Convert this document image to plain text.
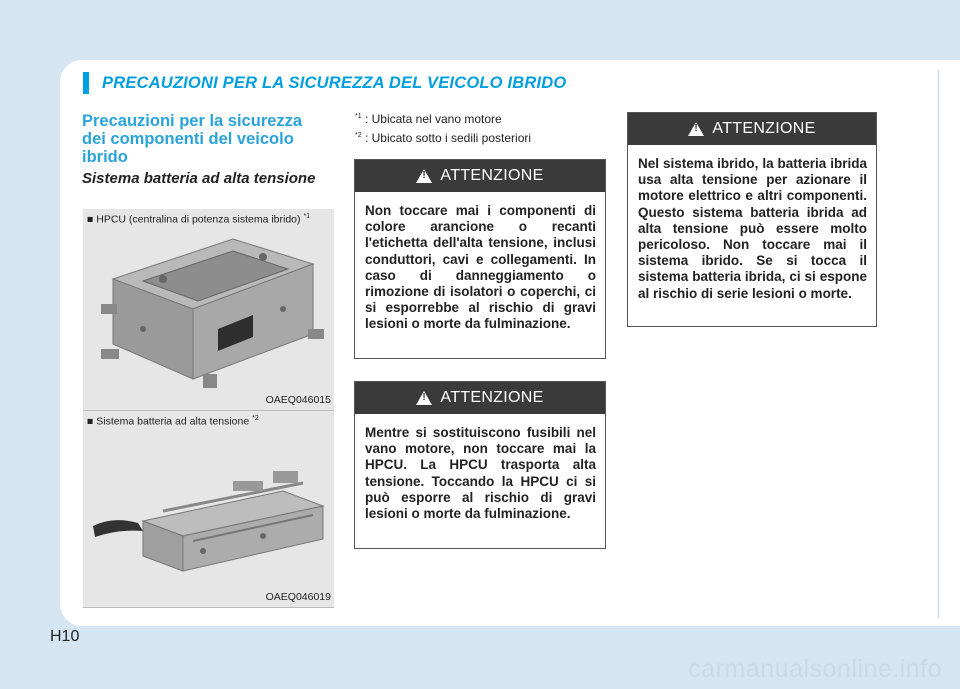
PRECAUZIONI PER LA SICUREZZA DEL VEICOLO IBRIDO
Precauzioni per la sicurezza dei componenti del veicolo ibrido
Sistema batteria ad alta tensione
■ HPCU (centralina di potenza sistema ibrido) $^{*1}$
OAEQ046015
■ Sistema batteria ad alta tensione $^{*2}$
OAEQ046019
$^{*1}$ : Ubicata nel vano motore
$^{*2}$ : Ubicato sotto i sedili posteriori
!
ATTENZIONE
Non toccare mai i componenti di colore arancione o recanti l'etichetta dell'alta tensione, inclusi conduttori, cavi e collegamenti. In caso di danneggiamento o rimozione di isolatori o coperchi, ci si esporrebbe al rischio di gravi lesioni o morte da fulminazione.
!
ATTENZIONE
Mentre si sostituiscono fusibili nel vano motore, non toccare mai la HPCU. La HPCU trasporta alta tensione. Toccando la HPCU ci si può esporre al rischio di gravi lesioni o morte da fulminazione.
!
ATTENZIONE
Nel sistema ibrido, la batteria ibrida usa alta tensione per azionare il motore elettrico e altri componenti. Questo sistema batteria ibrida ad alta tensione può essere molto pericoloso. Non toccare mai il sistema ibrido. Se si tocca il sistema batteria ibrida, ci si espone al rischio di serie lesioni o morte.
H10
carmanualsonline.info
